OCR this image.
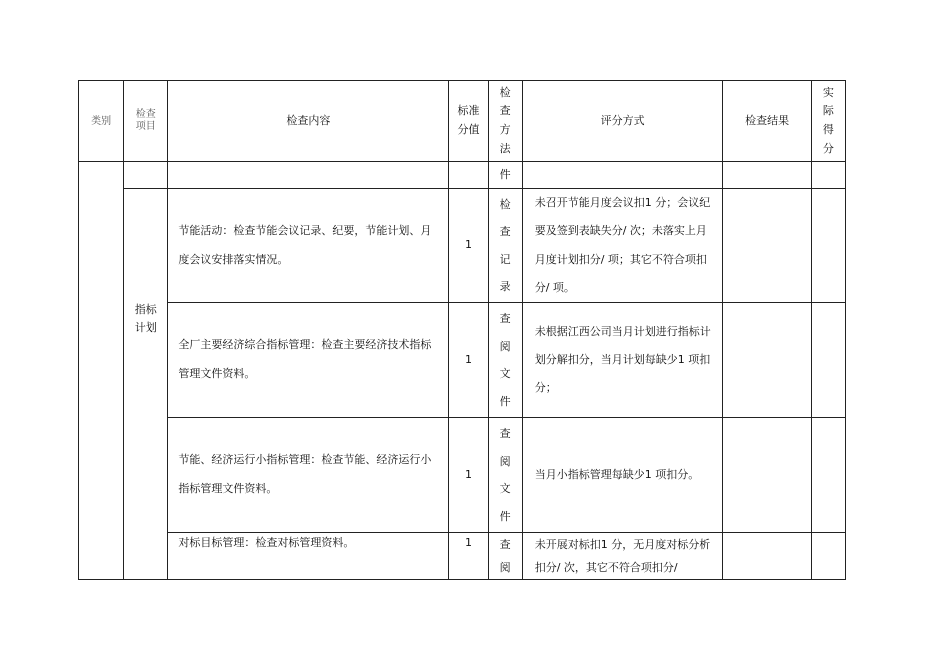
类别	检查项目	检查内容	标准分值	检查方法	评分方式	检查结果	实际得分

				件			

	指标计划	节能活动：检查节能会议记录、纪要，节能计划、月度会议安排落实情况。	1	检查记录	未召开节能月度会议扣1 分；会议纪要及签到表缺失分/ 次；未落实上月月度计划扣分/ 项；其它不符合项扣分/ 项。		
		全厂主要经济综合指标管理：检查主要经济技术指标管理文件资料。	1	查阅文件	未根据江西公司当月计划进行指标计划分解扣分，当月计划每缺少1 项扣分；		
		节能、经济运行小指标管理：检查节能、经济运行小指标管理文件资料。	1	查阅文件	当月小指标管理每缺少1 项扣分。		
		对标目标管理：检查对标管理资料。	1	查阅	未开展对标扣1 分，无月度对标分析扣分/ 次，其它不符合项扣分/		
